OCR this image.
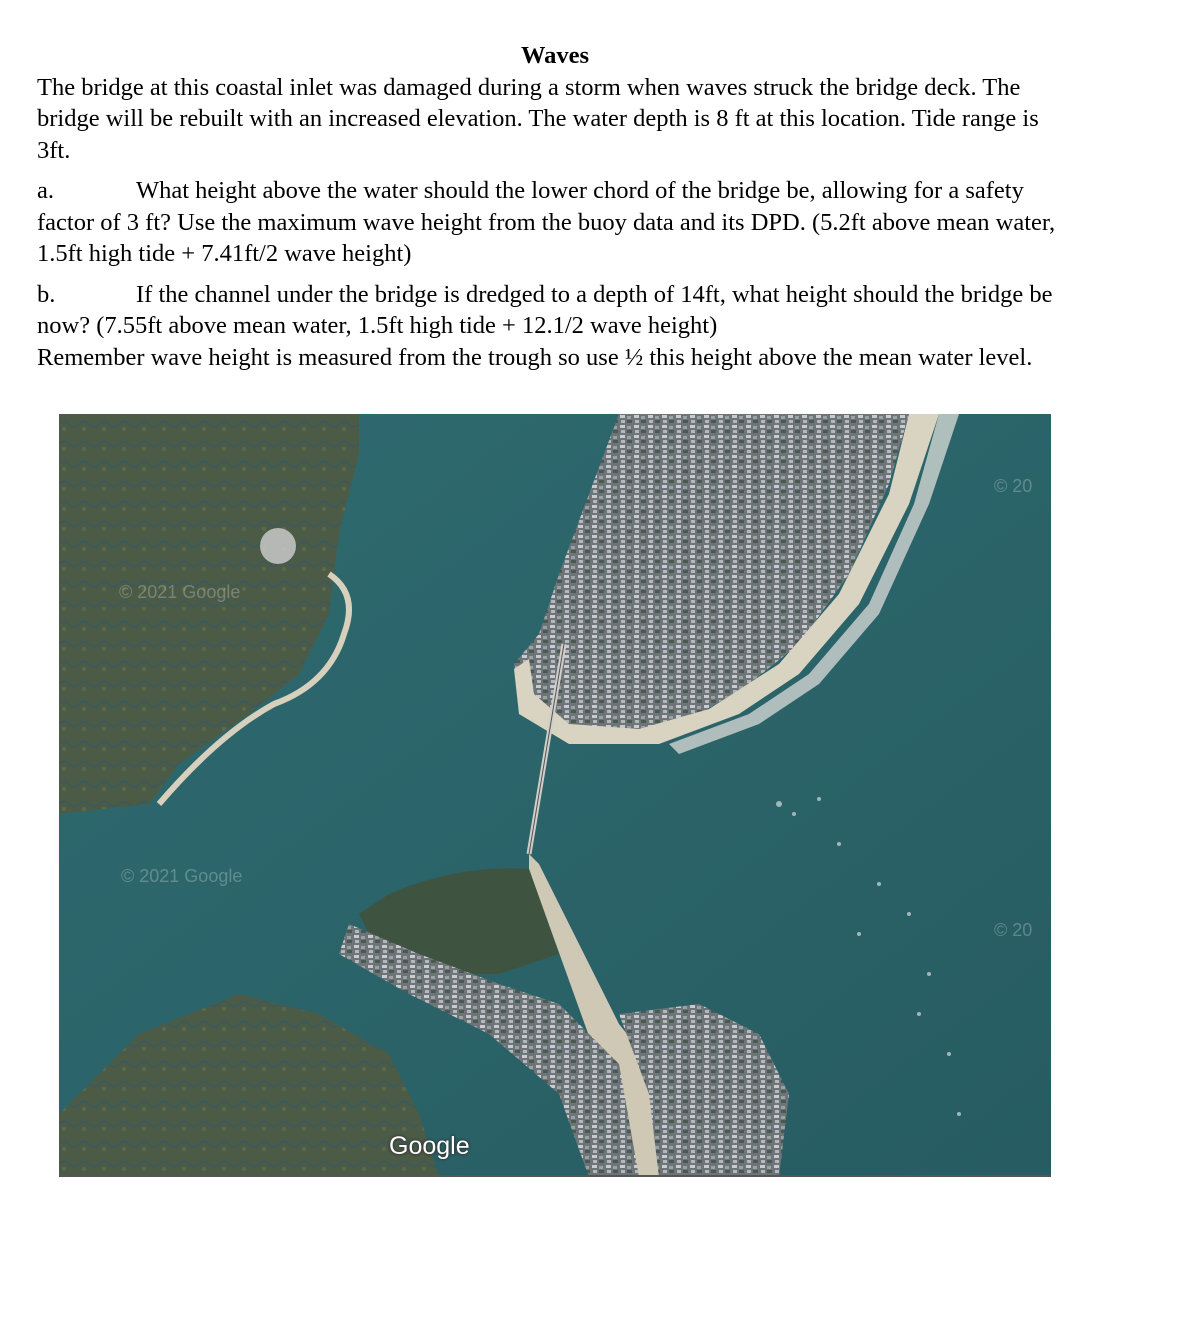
Waves

The bridge at this coastal inlet was damaged during a storm when waves struck the bridge deck. The bridge will be rebuilt with an increased elevation. The water depth is 8 ft at this location. Tide range is 3ft.

a.	What height above the water should the lower chord of the bridge be, allowing for a safety factor of 3 ft? Use the maximum wave height from the buoy data and its DPD. (5.2ft above mean water, 1.5ft high tide + 7.41ft/2 wave height)

b.	If the channel under the bridge is dredged to a depth of 14ft, what height should the bridge be now? (7.55ft above mean water, 1.5ft high tide + 12.1/2 wave height)
Remember wave height is measured from the trough so use ½ this height above the mean water level.

© 2021 Google
© 2021 Google
© 20
© 20
Google
